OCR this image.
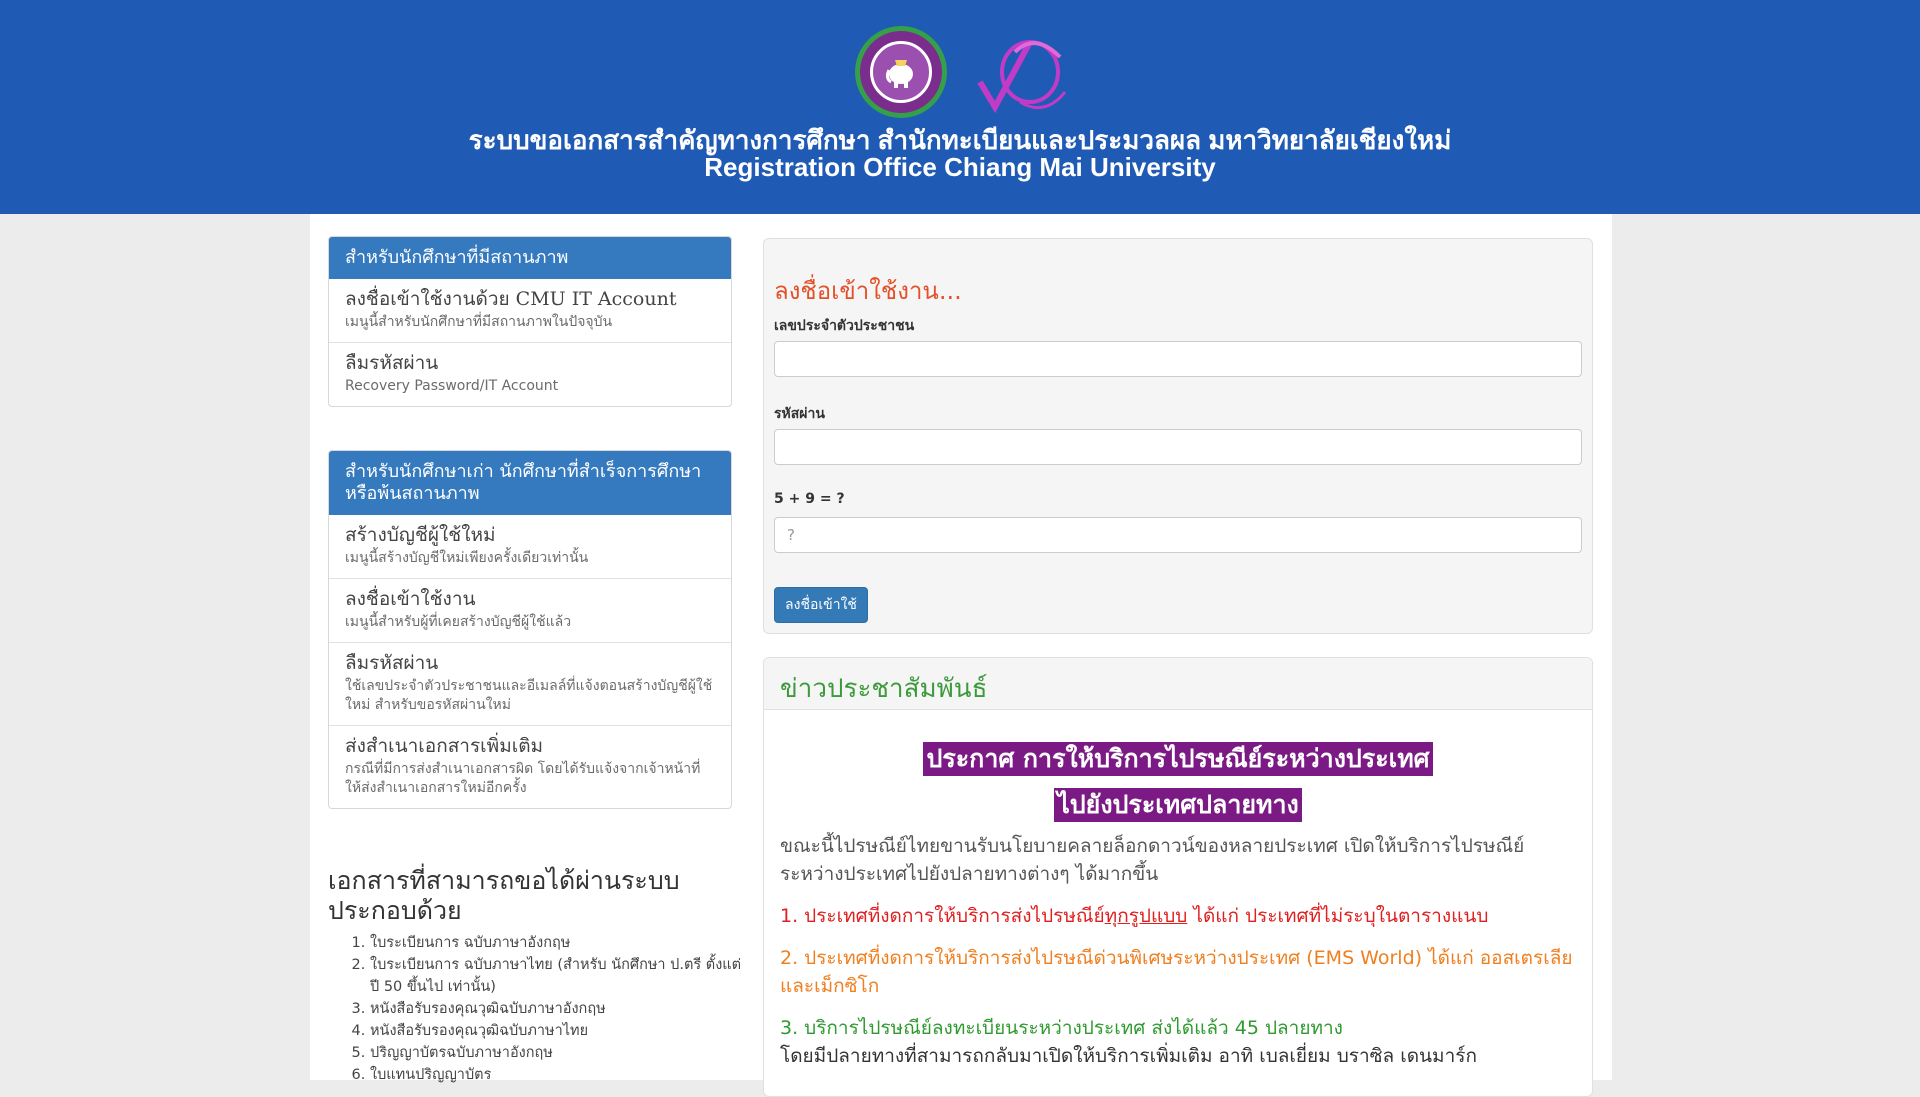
ระบบขอเอกสารสำคัญทางการศึกษา สำนักทะเบียนและประมวลผล มหาวิทยาลัยเชียงใหม่
Registration Office Chiang Mai University
สำหรับนักศึกษาที่มีสถานภาพ
ลงชื่อเข้าใช้งานด้วย CMU IT Account
เมนูนี้สำหรับนักศึกษาที่มีสถานภาพในปัจจุบัน
ลืมรหัสผ่าน
Recovery Password/IT Account
สำหรับนักศึกษาเก่า นักศึกษาที่สำเร็จการศึกษา หรือพ้นสถานภาพ
สร้างบัญชีผู้ใช้ใหม่
เมนูนี้สร้างบัญชีใหม่เพียงครั้งเดียวเท่านั้น
ลงชื่อเข้าใช้งาน
เมนูนี้สำหรับผู้ที่เคยสร้างบัญชีผู้ใช้แล้ว
ลืมรหัสผ่าน
ใช้เลขประจำตัวประชาชนและอีเมลล์ที่แจ้งตอนสร้างบัญชีผู้ใช้ใหม่ สำหรับขอรหัสผ่านใหม่
ส่งสำเนาเอกสารเพิ่มเติม
กรณีที่มีการส่งสำเนาเอกสารผิด โดยได้รับแจ้งจากเจ้าหน้าที่ ให้ส่งสำเนาเอกสารใหม่อีกครั้ง
เอกสารที่สามารถขอได้ผ่านระบบประกอบด้วย
1. ใบระเบียนการ ฉบับภาษาอังกฤษ
2. ใบระเบียนการ ฉบับภาษาไทย (สำหรับ นักศึกษา ป.ตรี ตั้งแต่ปี 50 ขึ้นไป เท่านั้น)
3. หนังสือรับรองคุณวุฒิฉบับภาษาอังกฤษ
4. หนังสือรับรองคุณวุฒิฉบับภาษาไทย
5. ปริญญาบัตรฉบับภาษาอังกฤษ
6. ใบแทนปริญญาบัตร
ลงชื่อเข้าใช้งาน...
เลขประจำตัวประชาชน
รหัสผ่าน
5 + 9 = ?
?
ลงชื่อเข้าใช้
ข่าวประชาสัมพันธ์
ประกาศ การให้บริการไปรษณีย์ระหว่างประเทศ
ไปยังประเทศปลายทาง
ขณะนี้ไปรษณีย์ไทยขานรับนโยบายคลายล็อกดาวน์ของหลายประเทศ เปิดให้บริการไปรษณีย์ระหว่างประเทศไปยังปลายทางต่างๆ ได้มากขึ้น
1. ประเทศที่งดการให้บริการส่งไปรษณีย์ทุกรูปแบบ ได้แก่ ประเทศที่ไม่ระบุในตารางแนบ
2. ประเทศที่งดการให้บริการส่งไปรษณีด่วนพิเศษระหว่างประเทศ (EMS World) ได้แก่ ออสเตรเลีย และเม็กซิโก
3. บริการไปรษณีย์ลงทะเบียนระหว่างประเทศ ส่งได้แล้ว 45 ปลายทาง
โดยมีปลายทางที่สามารถกลับมาเปิดให้บริการเพิ่มเติม อาทิ เบลเยี่ยม บราซิล เดนมาร์ก
